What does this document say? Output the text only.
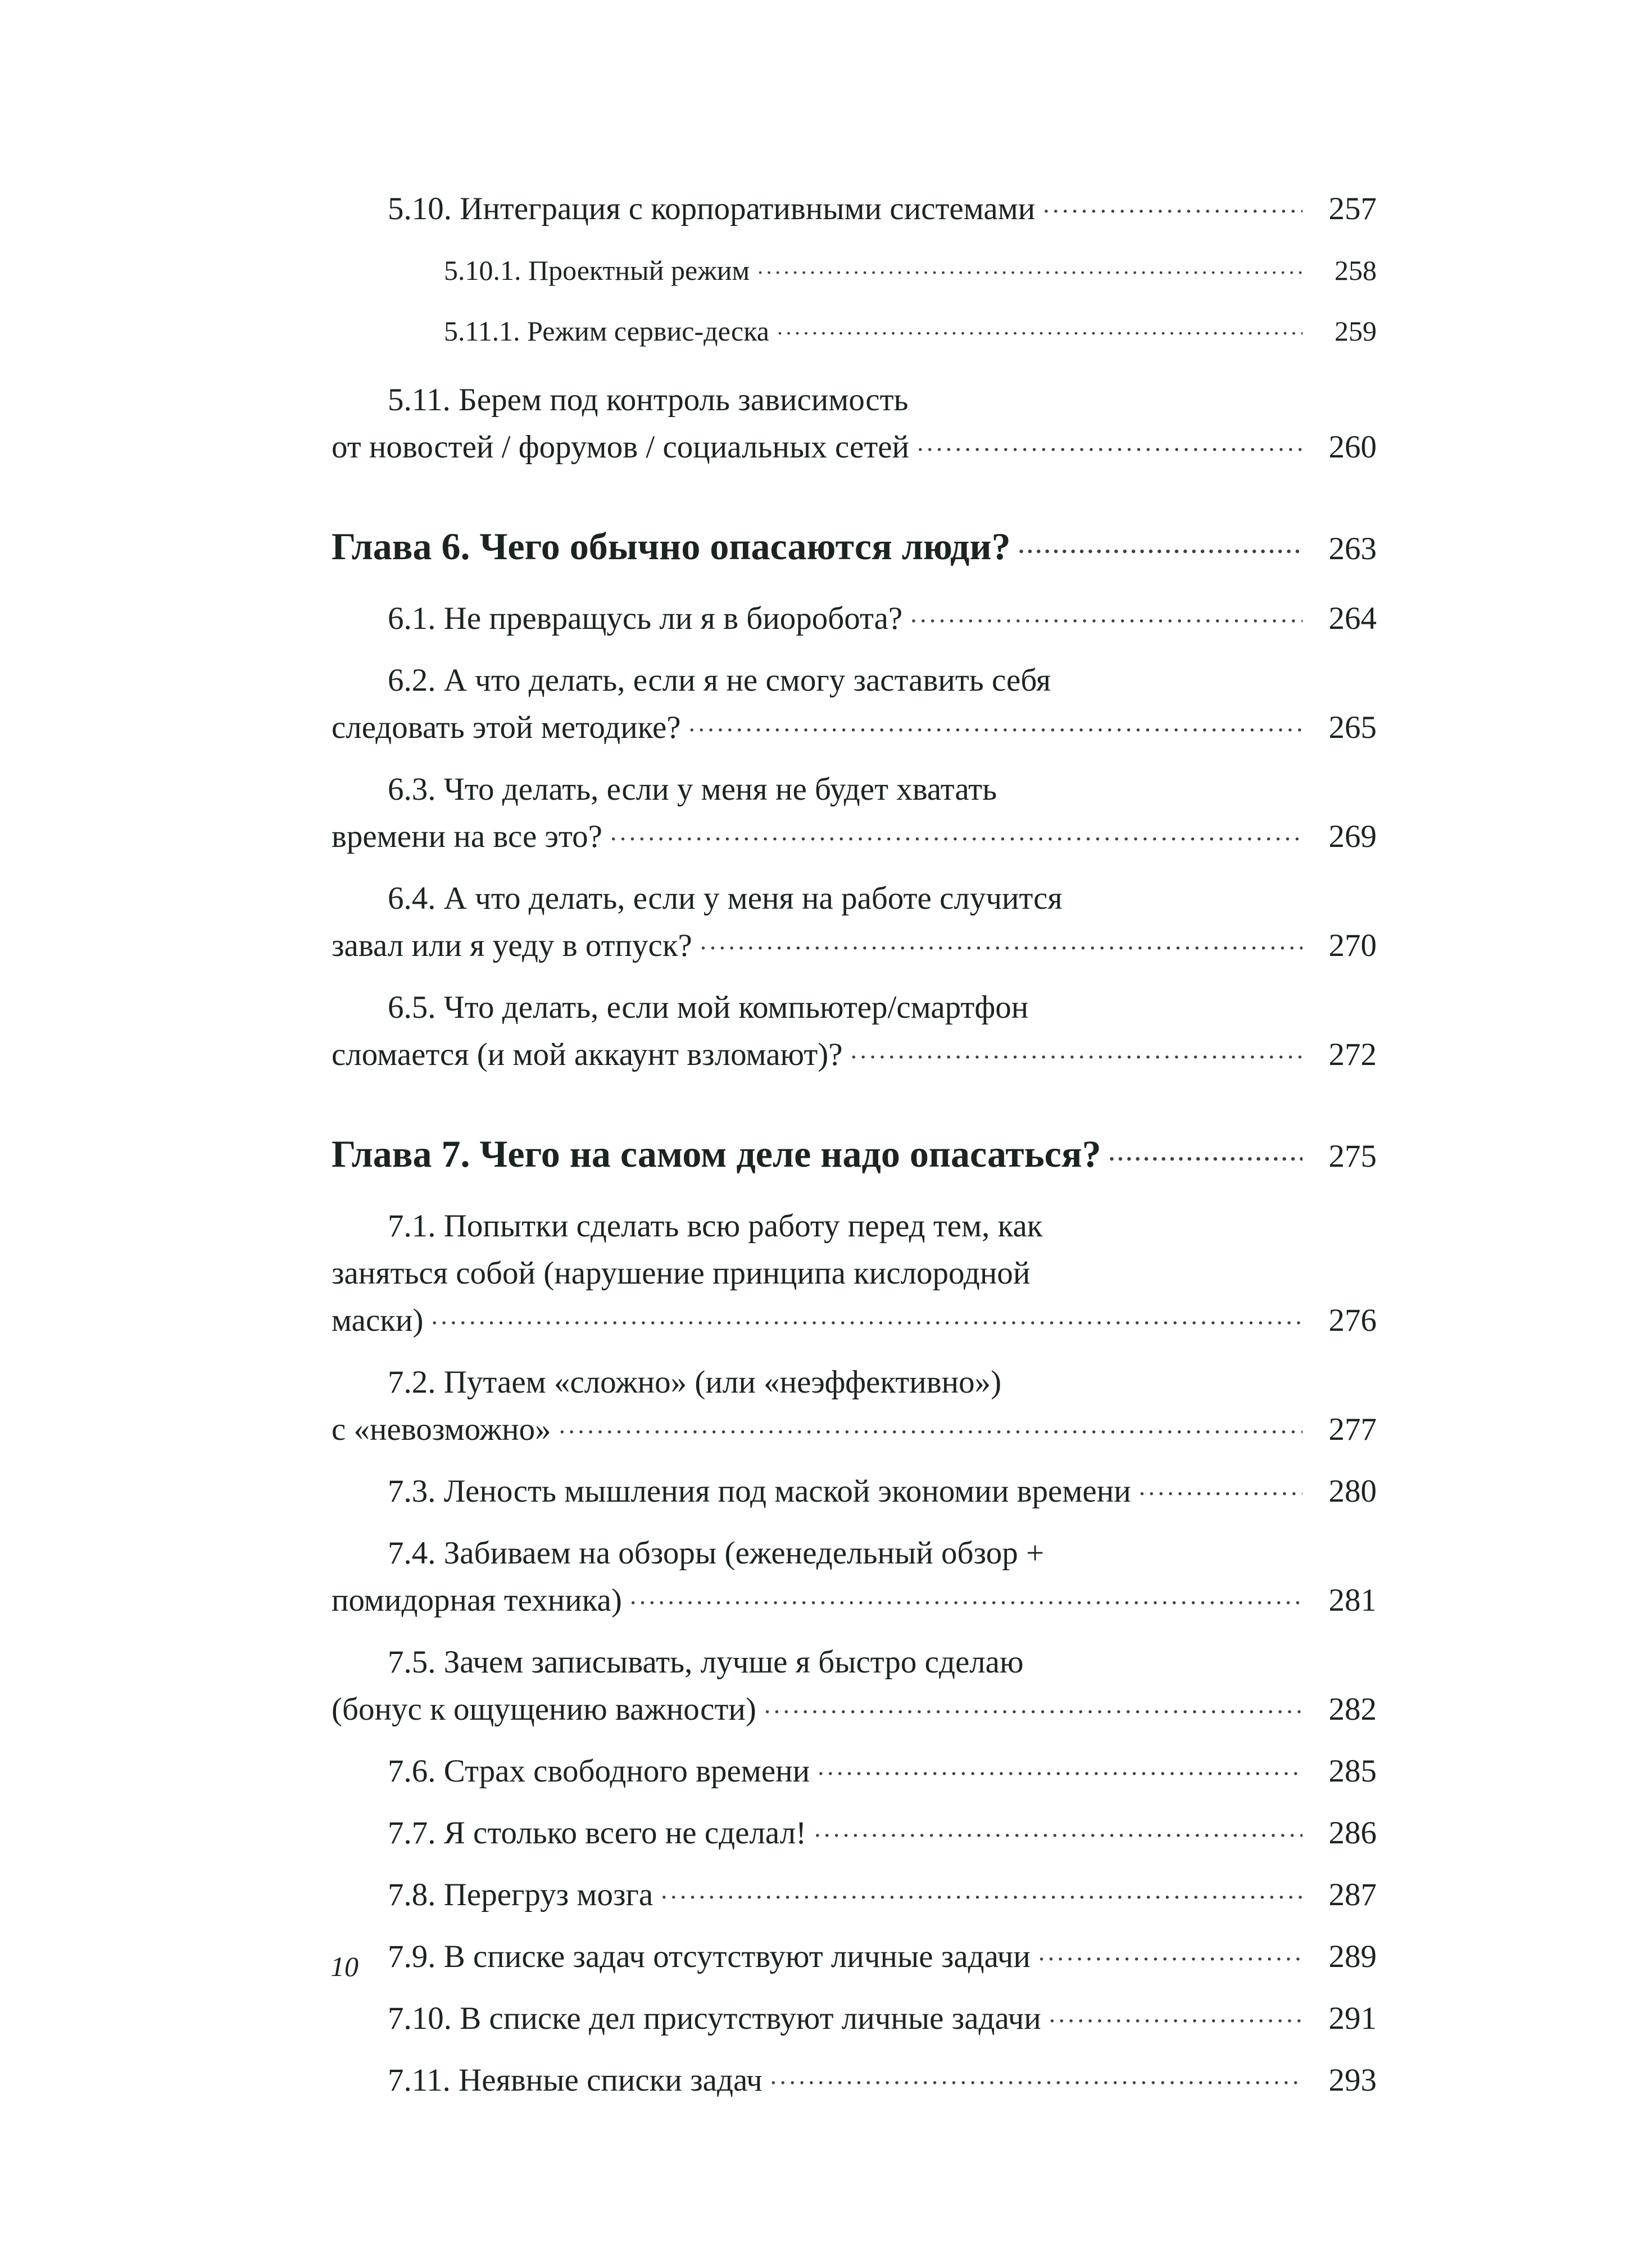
5.10. Интеграция с корпоративными системами .....	257
5.10.1. Проектный режим .....	258
5.11.1. Режим сервис-деска .....	259
5.11. Берем под контроль зависимость
от новостей / форумов / социальных сетей .....	260
Глава 6. Чего обычно опасаются люди? .....	263
6.1. Не превращусь ли я в биоробота? .....	264
6.2. А что делать, если я не смогу заставить себя
следовать этой методике? .....	265
6.3. Что делать, если у меня не будет хватать
времени на все это? .....	269
6.4. А что делать, если у меня на работе случится
завал или я уеду в отпуск? .....	270
6.5. Что делать, если мой компьютер/смартфон
сломается (и мой аккаунт взломают)? .....	272
Глава 7. Чего на самом деле надо опасаться? .....	275
7.1. Попытки сделать всю работу перед тем, как
заняться собой (нарушение принципа кислородной
маски) .....	276
7.2. Путаем «сложно» (или «неэффективно»)
с «невозможно» .....	277
7.3. Леность мышления под маской экономии времени .....	280
7.4. Забиваем на обзоры (еженедельный обзор +
помидорная техника) .....	281
7.5. Зачем записывать, лучше я быстро сделаю
(бонус к ощущению важности) .....	282
7.6. Страх свободного времени .....	285
7.7. Я столько всего не сделал! .....	286
7.8. Перегруз мозга .....	287
7.9. В списке задач отсутствуют личные задачи .....	289
7.10. В списке дел присутствуют личные задачи .....	291
7.11. Неявные списки задач .....	293
10
